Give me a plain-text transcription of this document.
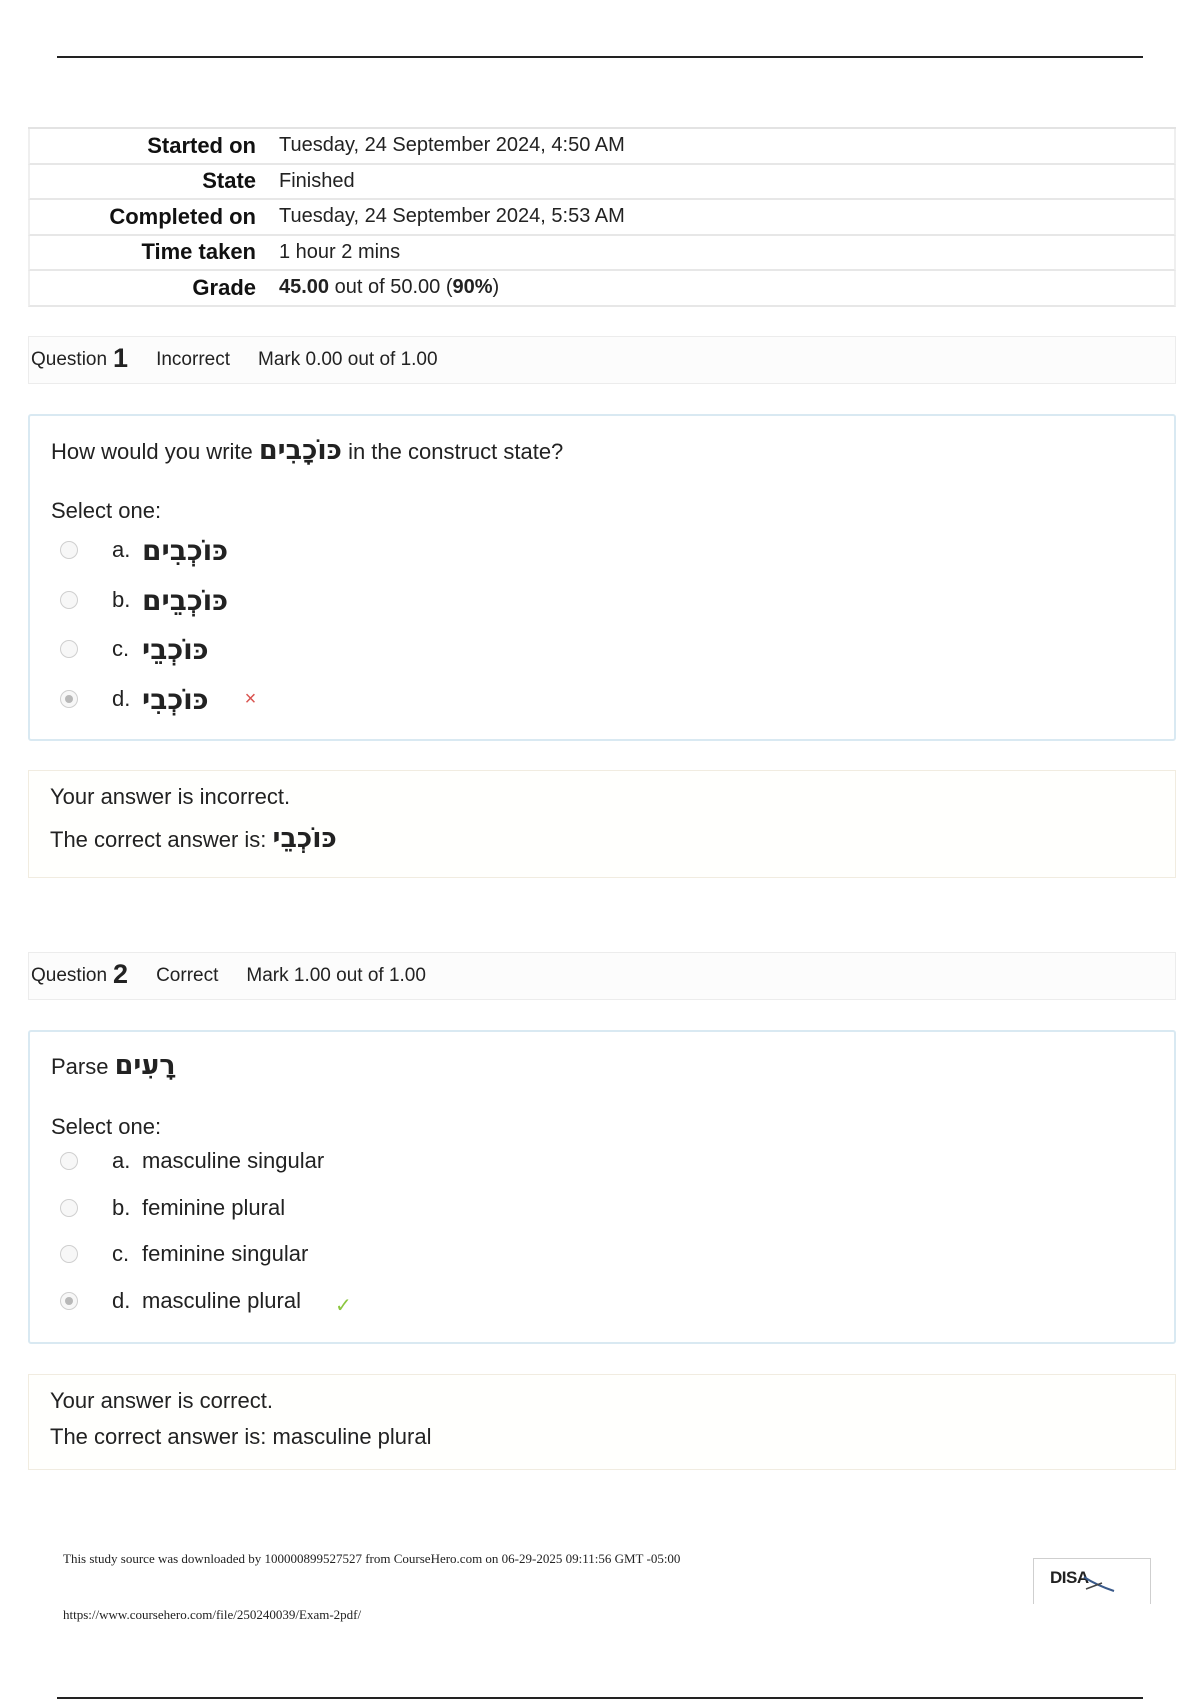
Started on	Tuesday, 24 September 2024, 4:50 AM
State	Finished
Completed on	Tuesday, 24 September 2024, 5:53 AM
Time taken	1 hour 2 mins
Grade	45.00 out of 50.00 (90%)
Question 1 Incorrect Mark 0.00 out of 1.00
How would you write כּוֹכָבִים in the construct state?
Select one:
a. כּוֹכְבִים
b. כּוֹכְבֵים
c. כּוֹכְבֵי
d. כּוֹכְבִי ×
Your answer is incorrect.
The correct answer is: כּוֹכְבֵי
Question 2 Correct Mark 1.00 out of 1.00
Parse רָעִים
Select one:
a. masculine singular
b. feminine plural
c. feminine singular
d. masculine plural ✓
Your answer is correct.
The correct answer is: masculine plural
This study source was downloaded by 100000899527527 from CourseHero.com on 06-29-2025 09:11:56 GMT -05:00
https://www.coursehero.com/file/250240039/Exam-2pdf/
DISA
